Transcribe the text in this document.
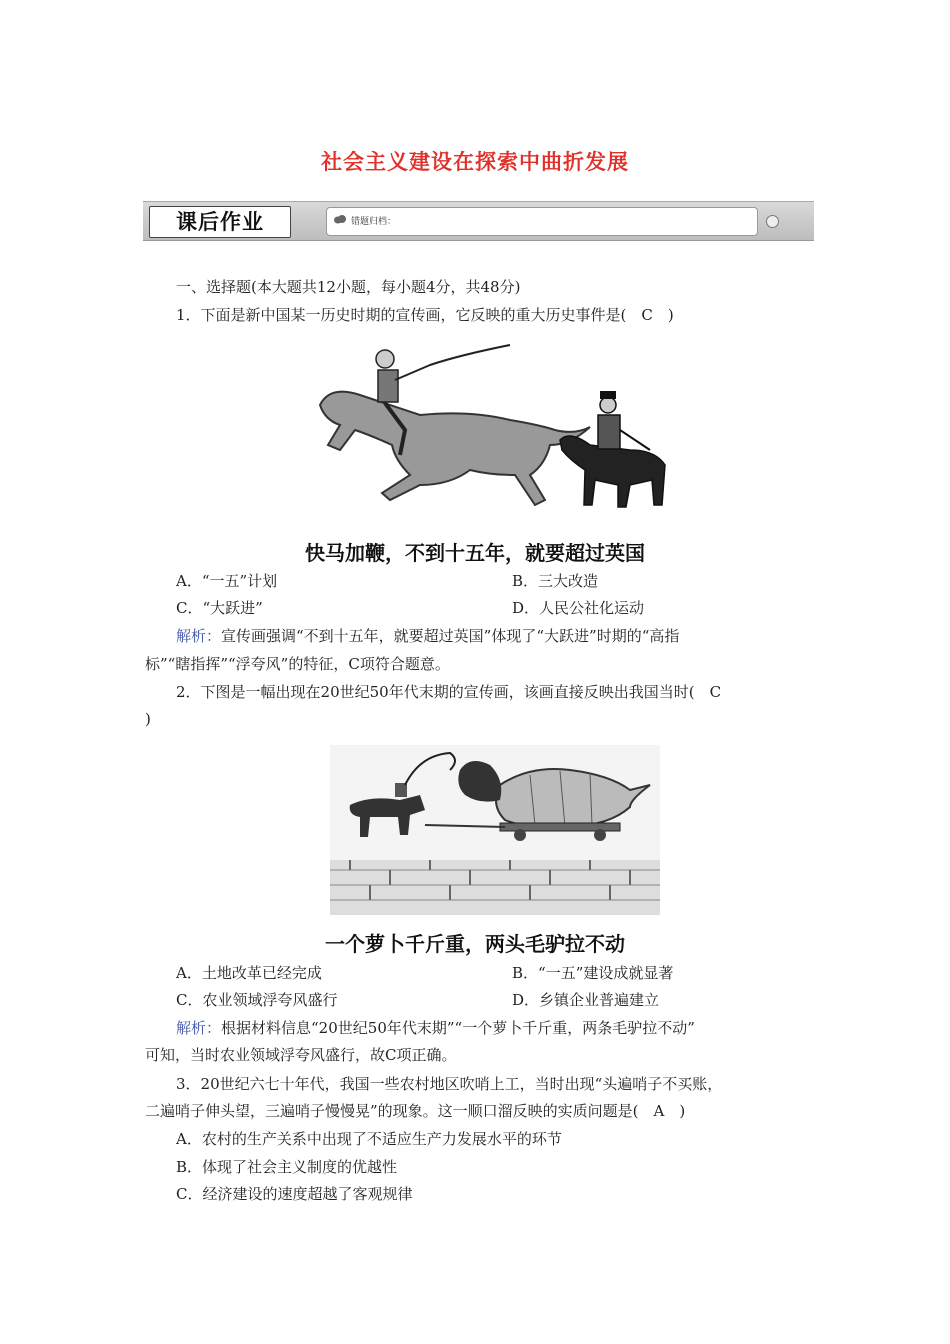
社会主义建设在探索中曲折发展
课后作业	错题归档：
一、选择题(本大题共12小题，每小题4分，共48分)
1．下面是新中国某一历史时期的宣传画，它反映的重大历史事件是(　C　)
快马加鞭，不到十五年，就要超过英国
A．“一五”计划	B．三大改造
C．“大跃进”	D．人民公社化运动
解析：宣传画强调“不到十五年，就要超过英国”体现了“大跃进”时期的“高指
标”“瞎指挥”“浮夸风”的特征，C项符合题意。
2．下图是一幅出现在20世纪50年代末期的宣传画，该画直接反映出我国当时(　C
)
一个萝卜千斤重，两头毛驴拉不动
A．土地改革已经完成	B．“一五”建设成就显著
C．农业领域浮夸风盛行	D．乡镇企业普遍建立
解析：根据材料信息“20世纪50年代末期”“一个萝卜千斤重，两条毛驴拉不动”
可知，当时农业领域浮夸风盛行，故C项正确。
3．20世纪六七十年代，我国一些农村地区吹哨上工，当时出现“头遍哨子不买账，
二遍哨子伸头望，三遍哨子慢慢晃”的现象。这一顺口溜反映的实质问题是(　A　)
A．农村的生产关系中出现了不适应生产力发展水平的环节
B．体现了社会主义制度的优越性
C．经济建设的速度超越了客观规律
